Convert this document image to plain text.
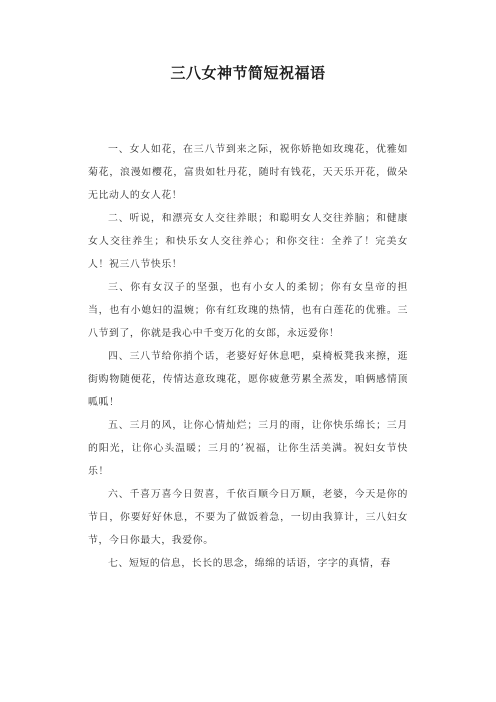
三八女神节简短祝福语

一、女人如花，在三八节到来之际，祝你娇艳如玫瑰花，优雅如菊花，浪漫如樱花，富贵如牡丹花，随时有钱花，天天乐开花，做朵无比动人的女人花！

二、听说，和漂亮女人交往养眼；和聪明女人交往养脑；和健康女人交往养生；和快乐女人交往养心；和你交往：全养了！完美女人！祝三八节快乐！

三、你有女汉子的坚强，也有小女人的柔韧；你有女皇帝的担当，也有小媳妇的温婉；你有红玫瑰的热情，也有白莲花的优雅。三八节到了，你就是我心中千变万化的女郎，永远爱你！

四、三八节给你捎个话，老婆好好休息吧，桌椅板凳我来擦，逛街购物随便花，传情达意玫瑰花，愿你疲惫劳累全蒸发，咱俩感情顶呱呱！

五、三月的风，让你心情灿烂；三月的雨，让你快乐绵长；三月的阳光，让你心头温暖；三月的’祝福，让你生活美满。祝妇女节快乐！

六、千喜万喜今日贺喜，千依百顺今日万顺，老婆，今天是你的节日，你要好好休息，不要为了做饭着急，一切由我算计，三八妇女节，今日你最大，我爱你。

七、短短的信息，长长的思念，绵绵的话语，字字的真情，春
